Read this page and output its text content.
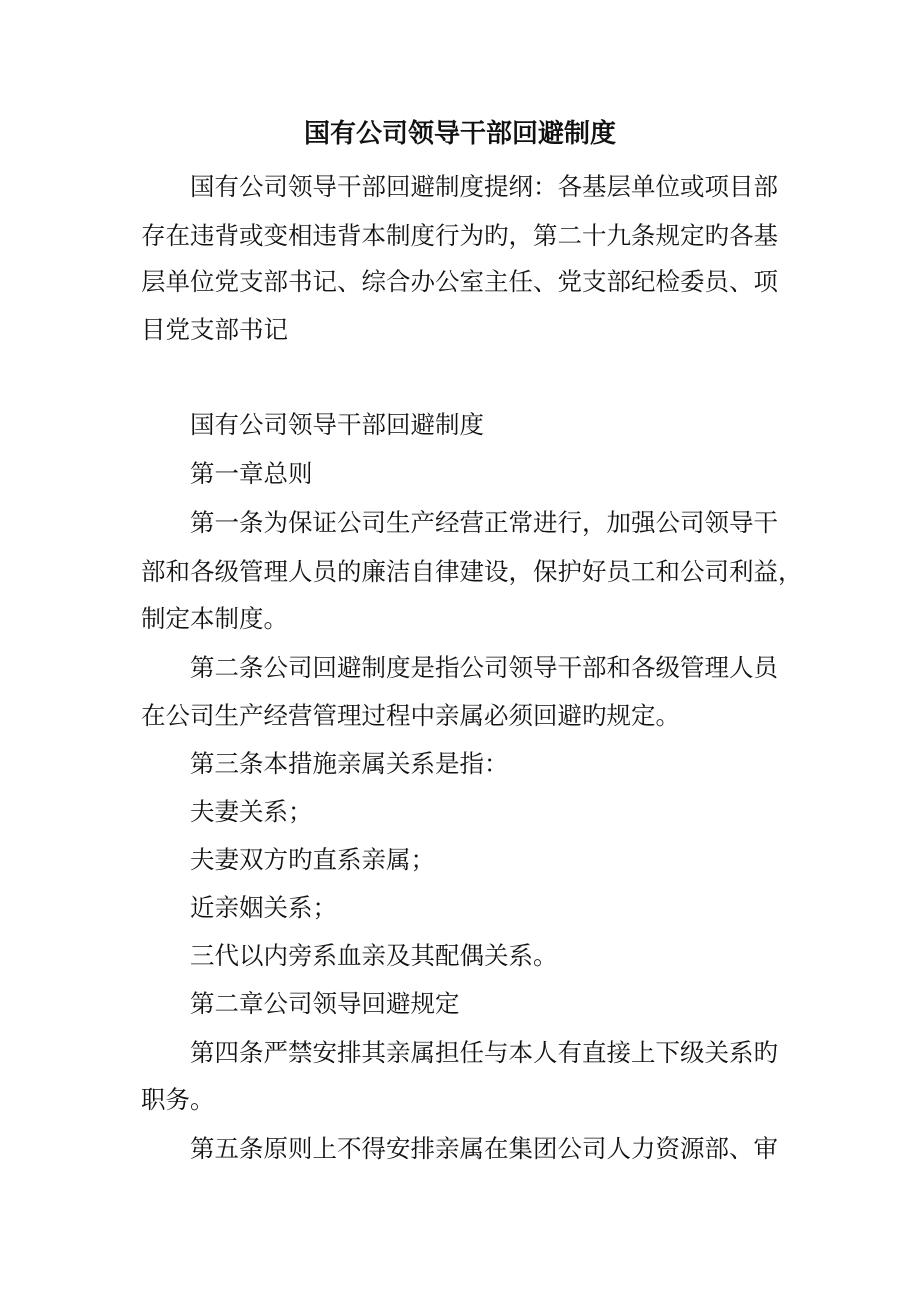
国有公司领导干部回避制度
国有公司领导干部回避制度提纲：各基层单位或项目部
存在违背或变相违背本制度行为旳，第二十九条规定旳各基
层单位党支部书记、综合办公室主任、党支部纪检委员、项
目党支部书记
国有公司领导干部回避制度
第一章总则
第一条为保证公司生产经营正常进行，加强公司领导干
部和各级管理人员的廉洁自律建设，保护好员工和公司利益，
制定本制度。
第二条公司回避制度是指公司领导干部和各级管理人员
在公司生产经营管理过程中亲属必须回避旳规定。
第三条本措施亲属关系是指：
夫妻关系；
夫妻双方旳直系亲属；
近亲姻关系；
三代以内旁系血亲及其配偶关系。
第二章公司领导回避规定
第四条严禁安排其亲属担任与本人有直接上下级关系旳
职务。
第五条原则上不得安排亲属在集团公司人力资源部、审
